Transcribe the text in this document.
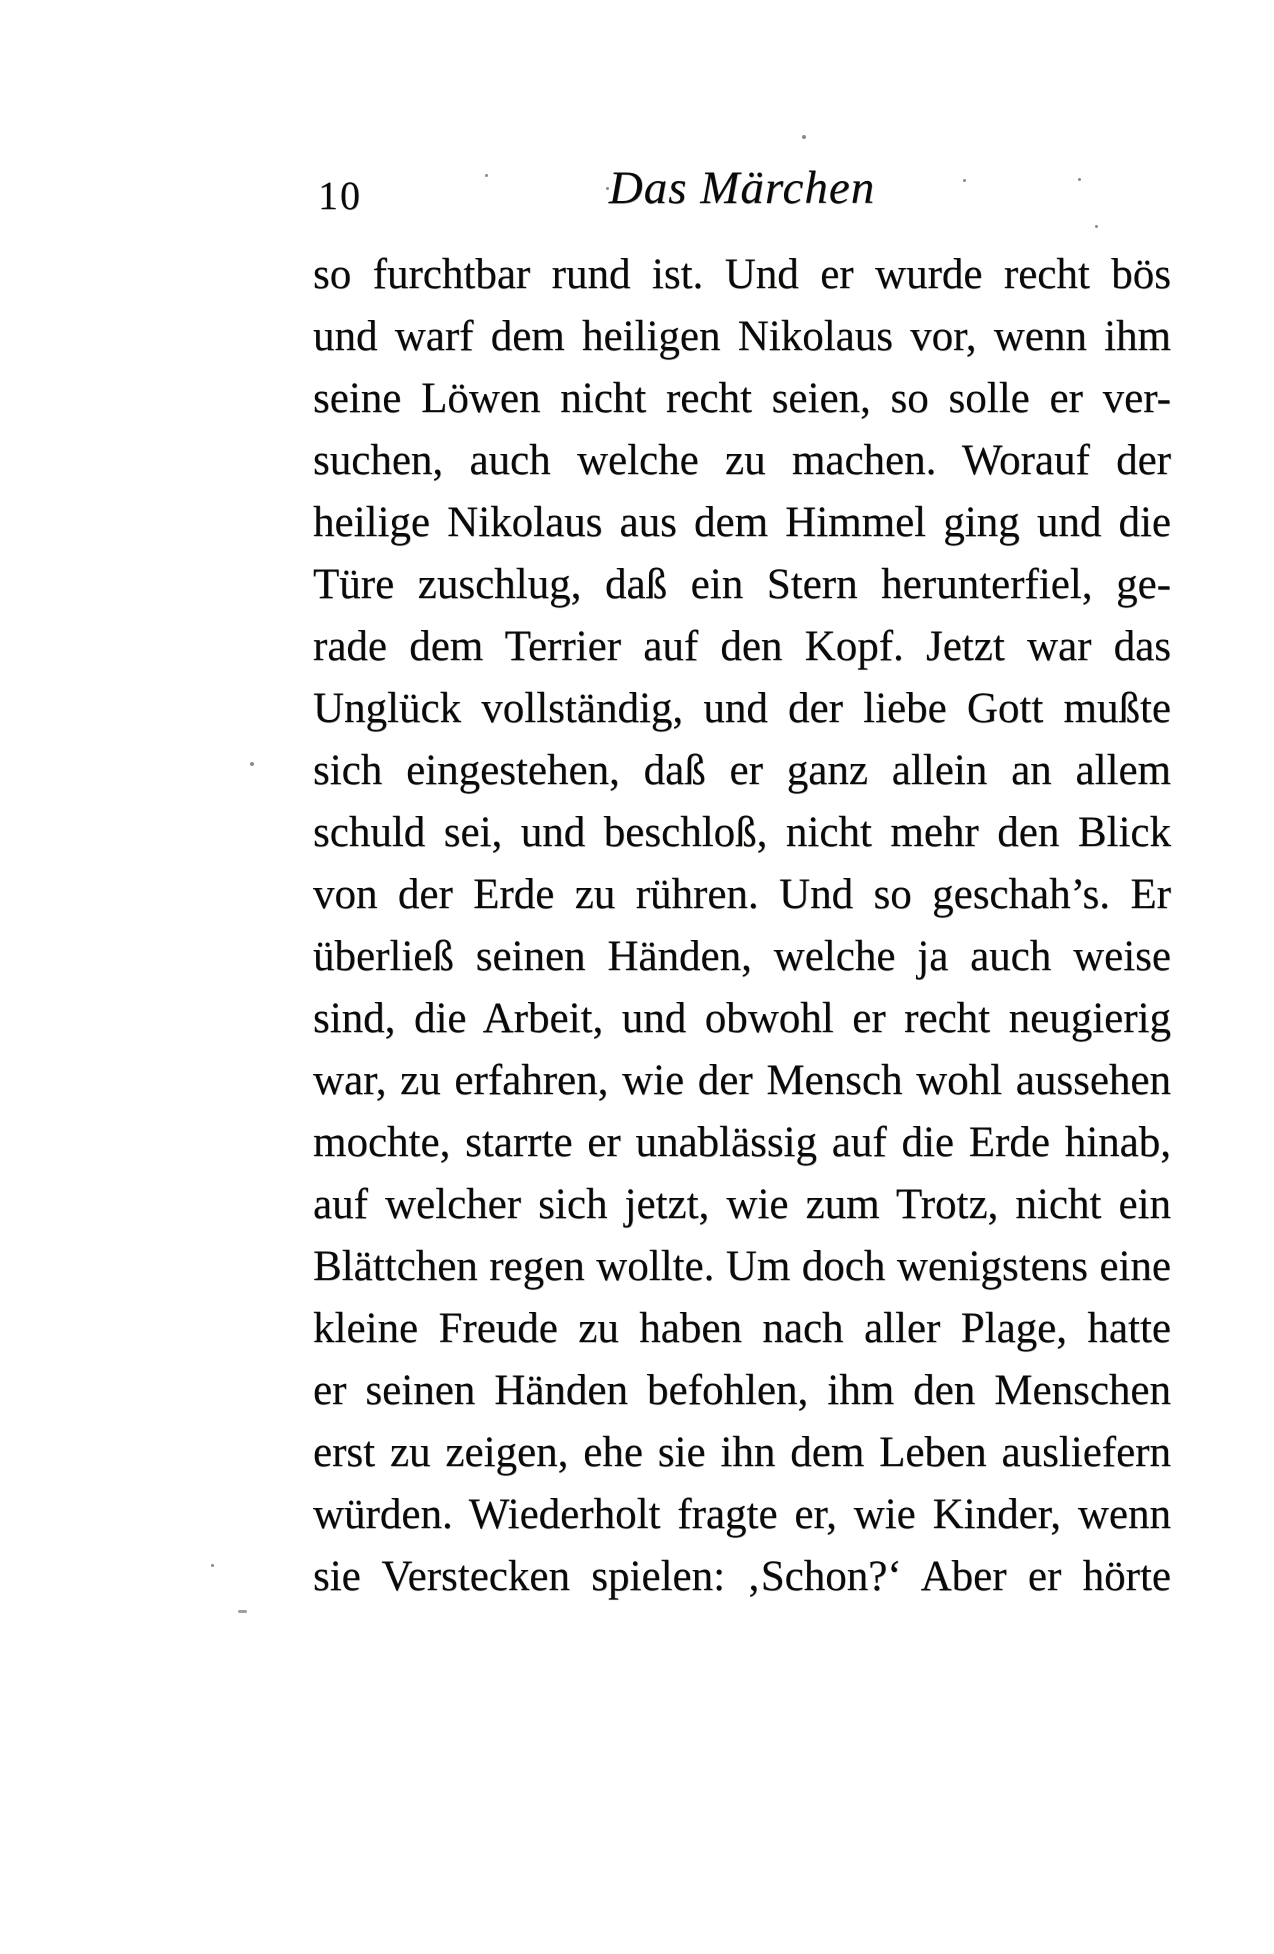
10	Das Märchen
so furchtbar rund ist. Und er wurde recht bös
und warf dem heiligen Nikolaus vor, wenn ihm
seine Löwen nicht recht seien, so solle er ver-
suchen, auch welche zu machen. Worauf der
heilige Nikolaus aus dem Himmel ging und die
Türe zuschlug, daß ein Stern herunterfiel, ge-
rade dem Terrier auf den Kopf. Jetzt war das
Unglück vollständig, und der liebe Gott mußte
sich eingestehen, daß er ganz allein an allem
schuld sei, und beschloß, nicht mehr den Blick
von der Erde zu rühren. Und so geschah’s. Er
überließ seinen Händen, welche ja auch weise
sind, die Arbeit, und obwohl er recht neugierig
war, zu erfahren, wie der Mensch wohl aussehen
mochte, starrte er unablässig auf die Erde hinab,
auf welcher sich jetzt, wie zum Trotz, nicht ein
Blättchen regen wollte. Um doch wenigstens eine
kleine Freude zu haben nach aller Plage, hatte
er seinen Händen befohlen, ihm den Menschen
erst zu zeigen, ehe sie ihn dem Leben ausliefern
würden. Wiederholt fragte er, wie Kinder, wenn
sie Verstecken spielen: ‚Schon?‘ Aber er hörte
